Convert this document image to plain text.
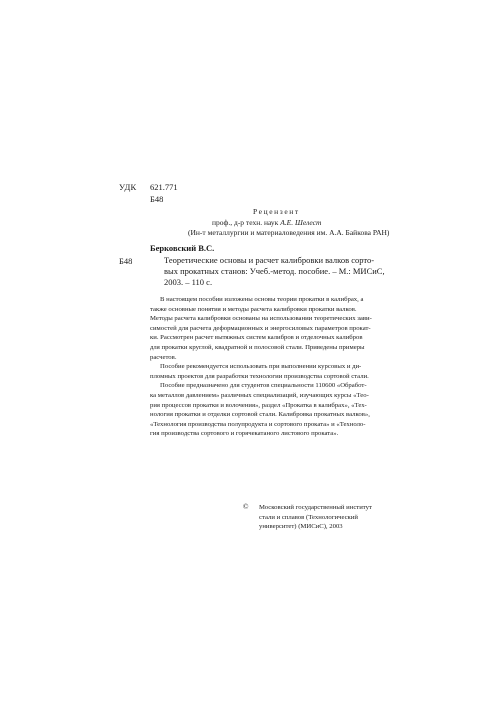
УДК 621.771
Б48
Рецензент
проф., д-р техн. наук А.Е. Шелест
(Ин-т металлургии и материаловедения им. А.А. Байкова РАН)
Берковский В.С.
Б48	Теоретические основы и расчет калибровки валков сорто-
вых прокатных станов: Учеб.-метод. пособие. – М.: МИСиС,
2003. – 110 с.
В настоящем пособии изложены основы теории прокатки в калибрах, а
также основные понятия и методы расчета калибровки прокатки валков.
Методы расчета калибровки основаны на использовании теоретических зави-
симостей для расчета деформационных и энергосиловых параметров прокат-
ки. Рассмотрен расчет вытяжных систем калибров и отделочных калибров
для прокатки круглой, квадратной и полосовой стали. Приведены примеры
расчетов.
Пособие рекомендуется использовать при выполнении курсовых и ди-
пломных проектов для разработки технологии производства сортовой стали.
Пособие предназначено для студентов специальности 110600 «Обработ-
ка металлов давлением» различных специализаций, изучающих курсы «Тео-
рия процессов прокатки и волочения», раздел «Прокатка в калибрах», «Тех-
нология прокатки и отделки сортовой стали. Калибровка прокатных валков»,
«Технология производства полупродукта и сортового проката» и «Техноло-
гия производства сортового и горячекатаного листового проката».
© Московский государственный институт
стали и сплавов (Технологический
университет) (МИСиС), 2003
